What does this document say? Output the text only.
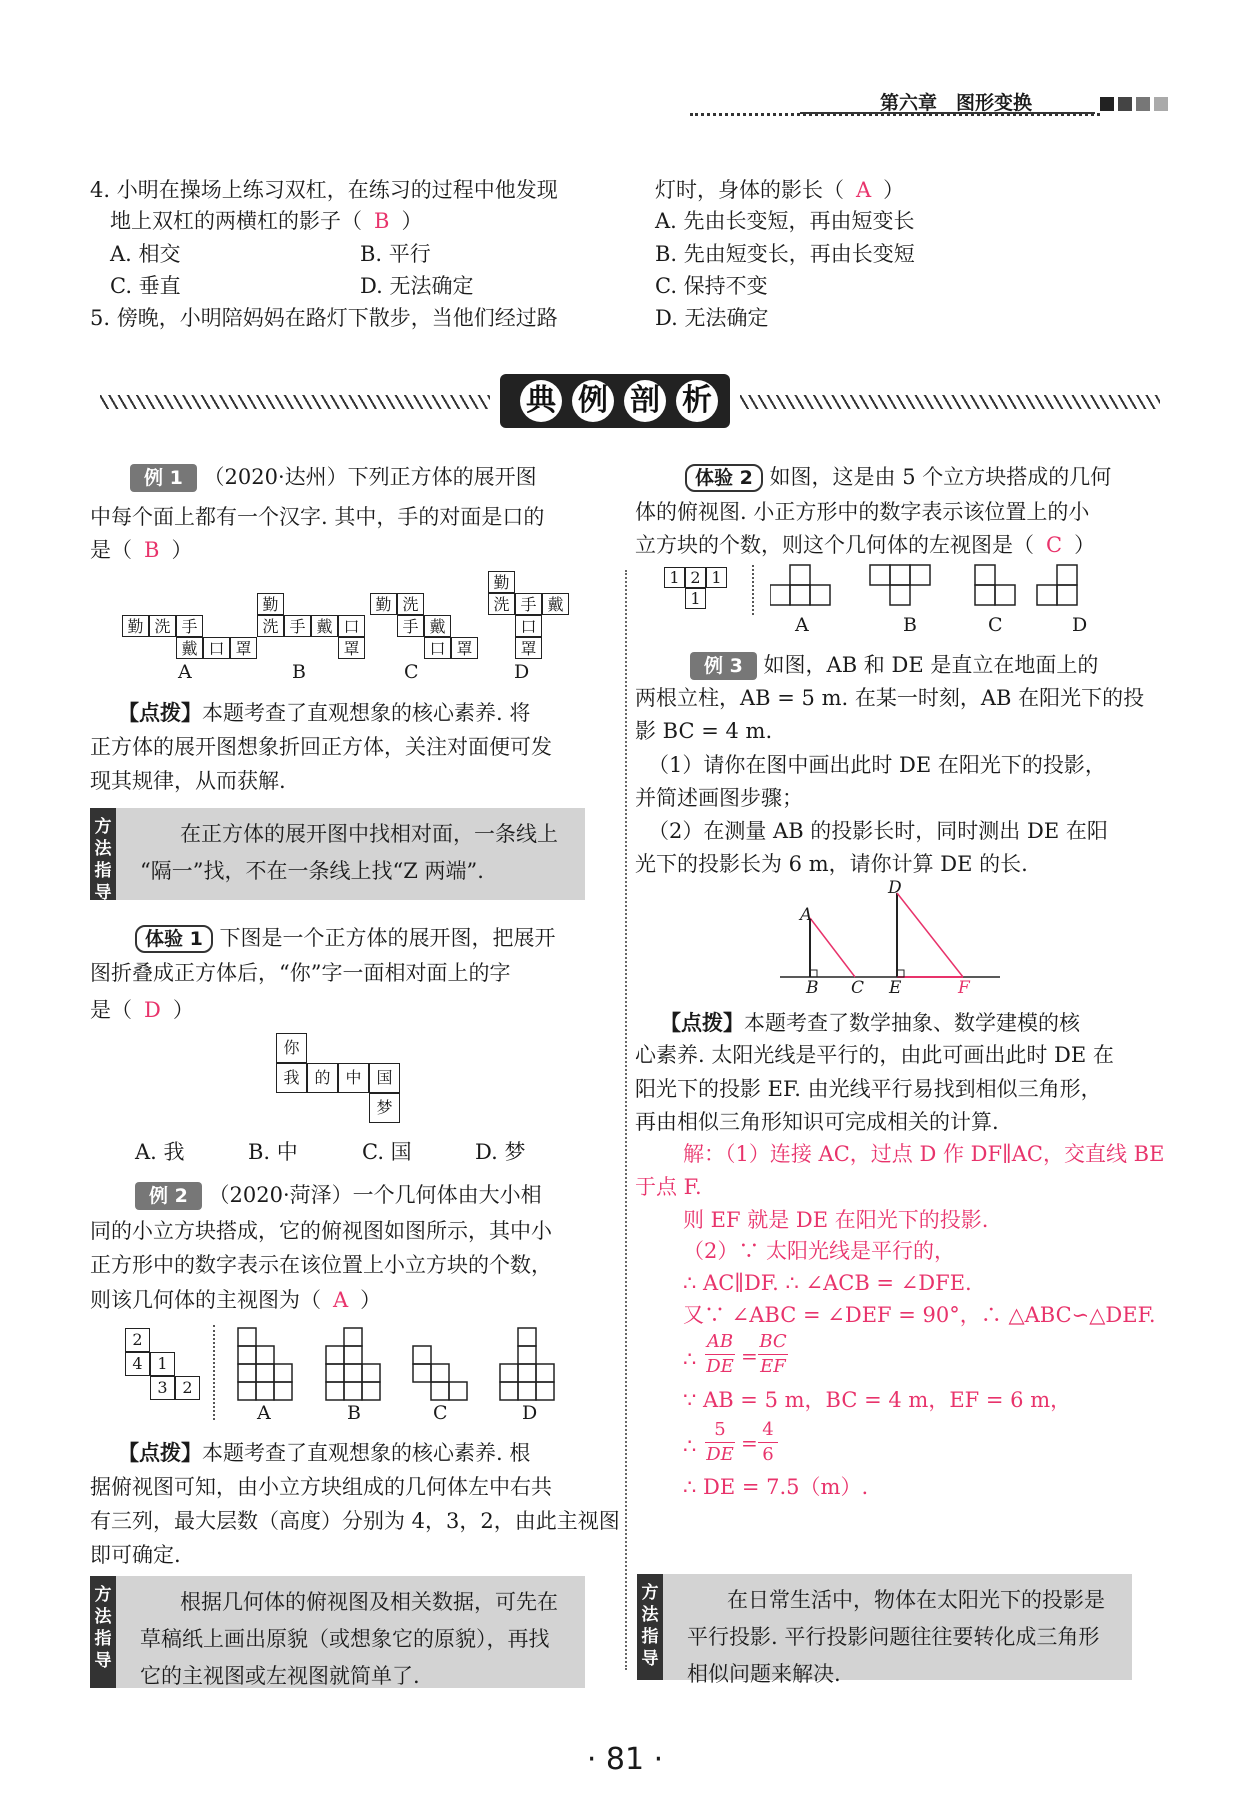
第六章　图形变换
4. 小明在操场上练习双杠，在练习的过程中他发现
地上双杠的两横杠的影子（ B ）
A. 相交	B. 平行
C. 垂直	D. 无法确定
5. 傍晚，小明陪妈妈在路灯下散步，当他们经过路
灯时，身体的影长（ A ）
A. 先由长变短，再由短变长
B. 先由短变长，再由长变短
C. 保持不变
D. 无法确定
典 例 剖 析
例 1 （2020·达州）下列正方体的展开图
中每个面上都有一个汉字. 其中，手的对面是口的
是（ B ）
勤 洗 手
戴 口 罩
A
勤
洗 手 戴 口
罩
B
勤 洗
手 戴
口 罩
C
勤
洗 手 戴
口
罩
D
【点拨】本题考查了直观想象的核心素养. 将
正方体的展开图想象折回正方体，关注对面便可发
现其规律，从而获解.
方
法
指
导
在正方体的展开图中找相对面，一条线上
“隔一”找，不在一条线上找“Z 两端”.
体验 1 下图是一个正方体的展开图，把展开
图折叠成正方体后，“你”字一面相对面上的字
是（ D ）
你
我 的 中 国
梦
A. 我	B. 中	C. 国	D. 梦
例 2 （2020·菏泽）一个几何体由大小相
同的小立方块搭成，它的俯视图如图所示，其中小
正方形中的数字表示在该位置上小立方块的个数，
则该几何体的主视图为（ A ）
2
4 1
3 2
A	B	C	D
【点拨】本题考查了直观想象的核心素养. 根
据俯视图可知，由小立方块组成的几何体左中右共
有三列，最大层数（高度）分别为 4，3，2，由此主视图
即可确定.
方
法
指
导
根据几何体的俯视图及相关数据，可先在
草稿纸上画出原貌（或想象它的原貌），再找
它的主视图或左视图就简单了.
体验 2 如图，这是由 5 个立方块搭成的几何
体的俯视图. 小正方形中的数字表示该位置上的小
立方块的个数，则这个几何体的左视图是（ C ）
1 2 1
1
A	B	C	D
例 3 如图，AB 和 DE 是直立在地面上的
两根立柱，AB = 5 m. 在某一时刻，AB 在阳光下的投
影 BC = 4 m.
（1）请你在图中画出此时 DE 在阳光下的投影，
并简述画图步骤；
（2）在测量 AB 的投影长时，同时测出 DE 在阳
光下的投影长为 6 m，请你计算 DE 的长.
A
B C
D
E	F
【点拨】本题考查了数学抽象、数学建模的核
心素养. 太阳光线是平行的，由此可画出此时 DE 在
阳光下的投影 EF. 由光线平行易找到相似三角形，
再由相似三角形知识可完成相关的计算.
解：（1）连接 AC，过点 D 作 DF∥AC，交直线 BE
于点 F.
则 EF 就是 DE 在阳光下的投影.
（2）∵ 太阳光线是平行的，
∴ AC∥DF. ∴ ∠ACB = ∠DFE.
又∵ ∠ABC = ∠DEF = 90°，∴ △ABC∽△DEF.
∴
AB
DE =
BC
EF
∵ AB = 5 m，BC = 4 m，EF = 6 m，
∴
5
DE =
4
6
∴ DE = 7.5（m）.
方
法
指
导
在日常生活中，物体在太阳光下的投影是
平行投影. 平行投影问题往往要转化成三角形
相似问题来解决.
· 81 ·
